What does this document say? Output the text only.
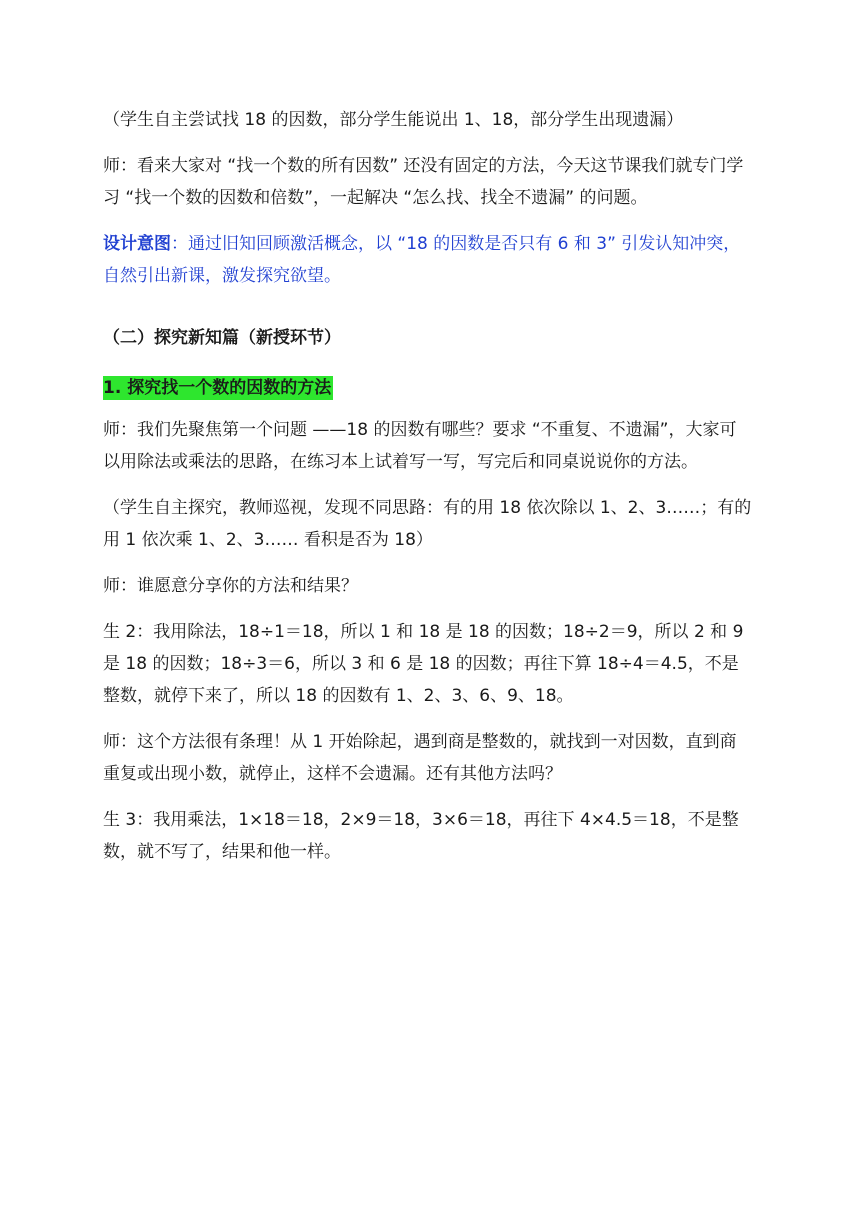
（学生自主尝试找 18 的因数，部分学生能说出 1、18，部分学生出现遗漏）

师：看来大家对 “找一个数的所有因数” 还没有固定的方法，今天这节课我们就专门学习 “找一个数的因数和倍数”，一起解决 “怎么找、找全不遗漏” 的问题。

设计意图：通过旧知回顾激活概念，以 “18 的因数是否只有 6 和 3” 引发认知冲突，自然引出新课，激发探究欲望。

（二）探究新知篇（新授环节）
1. 探究找一个数的因数的方法

师：我们先聚焦第一个问题 ——18 的因数有哪些？要求 “不重复、不遗漏”，大家可以用除法或乘法的思路，在练习本上试着写一写，写完后和同桌说说你的方法。

（学生自主探究，教师巡视，发现不同思路：有的用 18 依次除以 1、2、3……；有的用 1 依次乘 1、2、3…… 看积是否为 18）

师：谁愿意分享你的方法和结果？

生 2：我用除法，18÷1＝18，所以 1 和 18 是 18 的因数；18÷2＝9，所以 2 和 9 是 18 的因数；18÷3＝6，所以 3 和 6 是 18 的因数；再往下算 18÷4＝4.5，不是整数，就停下来了，所以 18 的因数有 1、2、3、6、9、18。

师：这个方法很有条理！从 1 开始除起，遇到商是整数的，就找到一对因数，直到商重复或出现小数，就停止，这样不会遗漏。还有其他方法吗？

生 3：我用乘法，1×18＝18，2×9＝18，3×6＝18，再往下 4×4.5＝18，不是整数，就不写了，结果和他一样。
